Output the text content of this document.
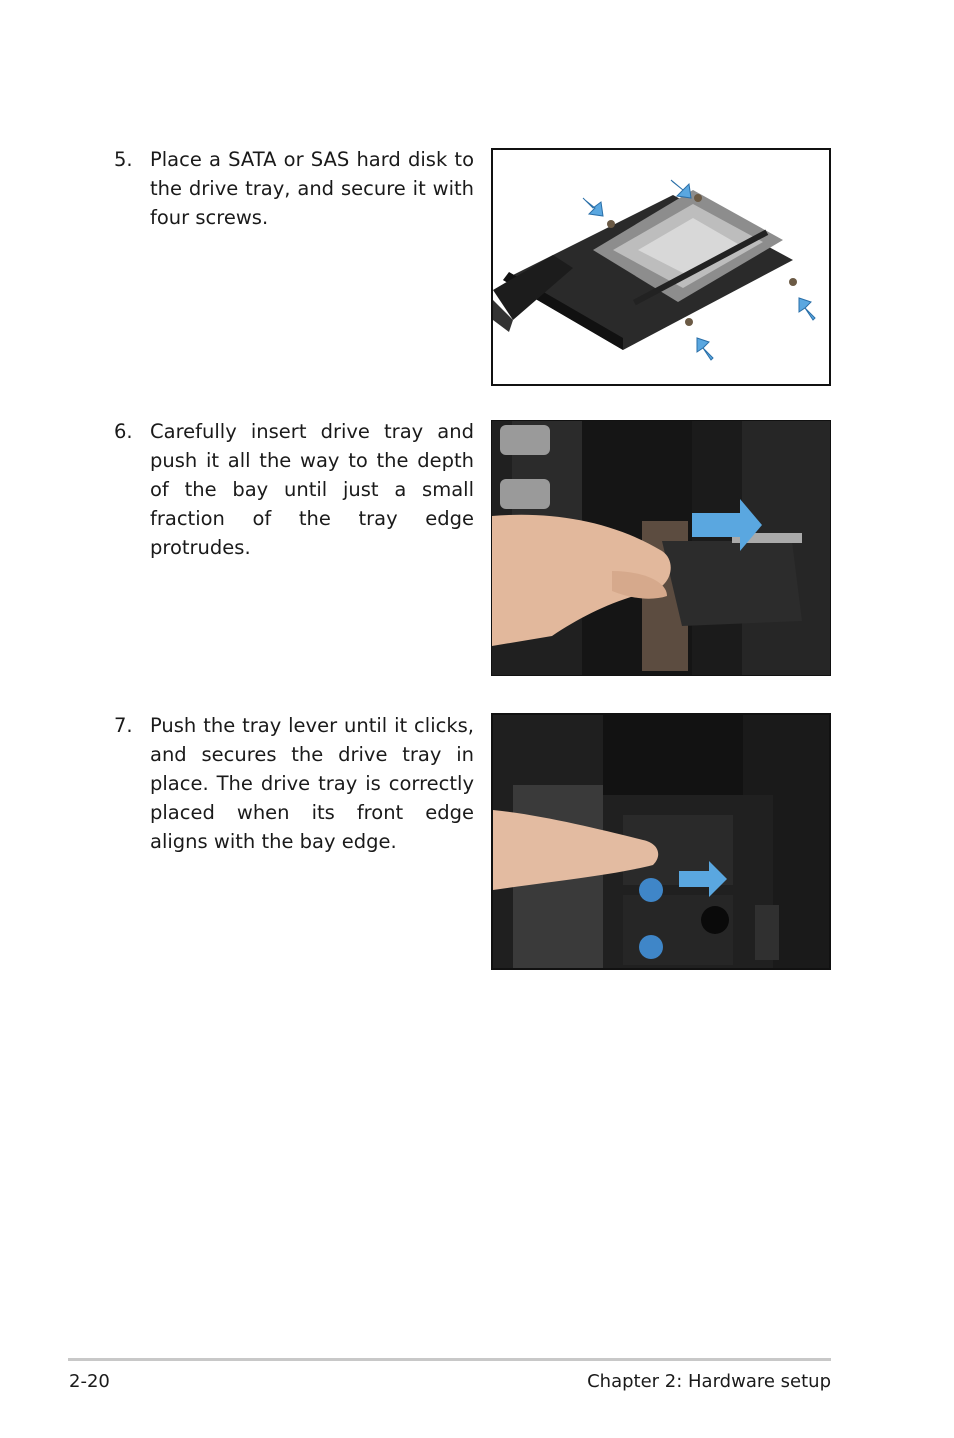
5. Place a SATA or SAS hard disk to the drive tray, and secure it with four screws.
6. Carefully insert drive tray and push it all the way to the depth of the bay until just a small fraction of the tray edge protrudes.
7. Push the tray lever until it clicks, and secures the drive tray in place. The drive tray is correctly placed when its front edge aligns with the bay edge.
2-20	Chapter 2: Hardware setup
